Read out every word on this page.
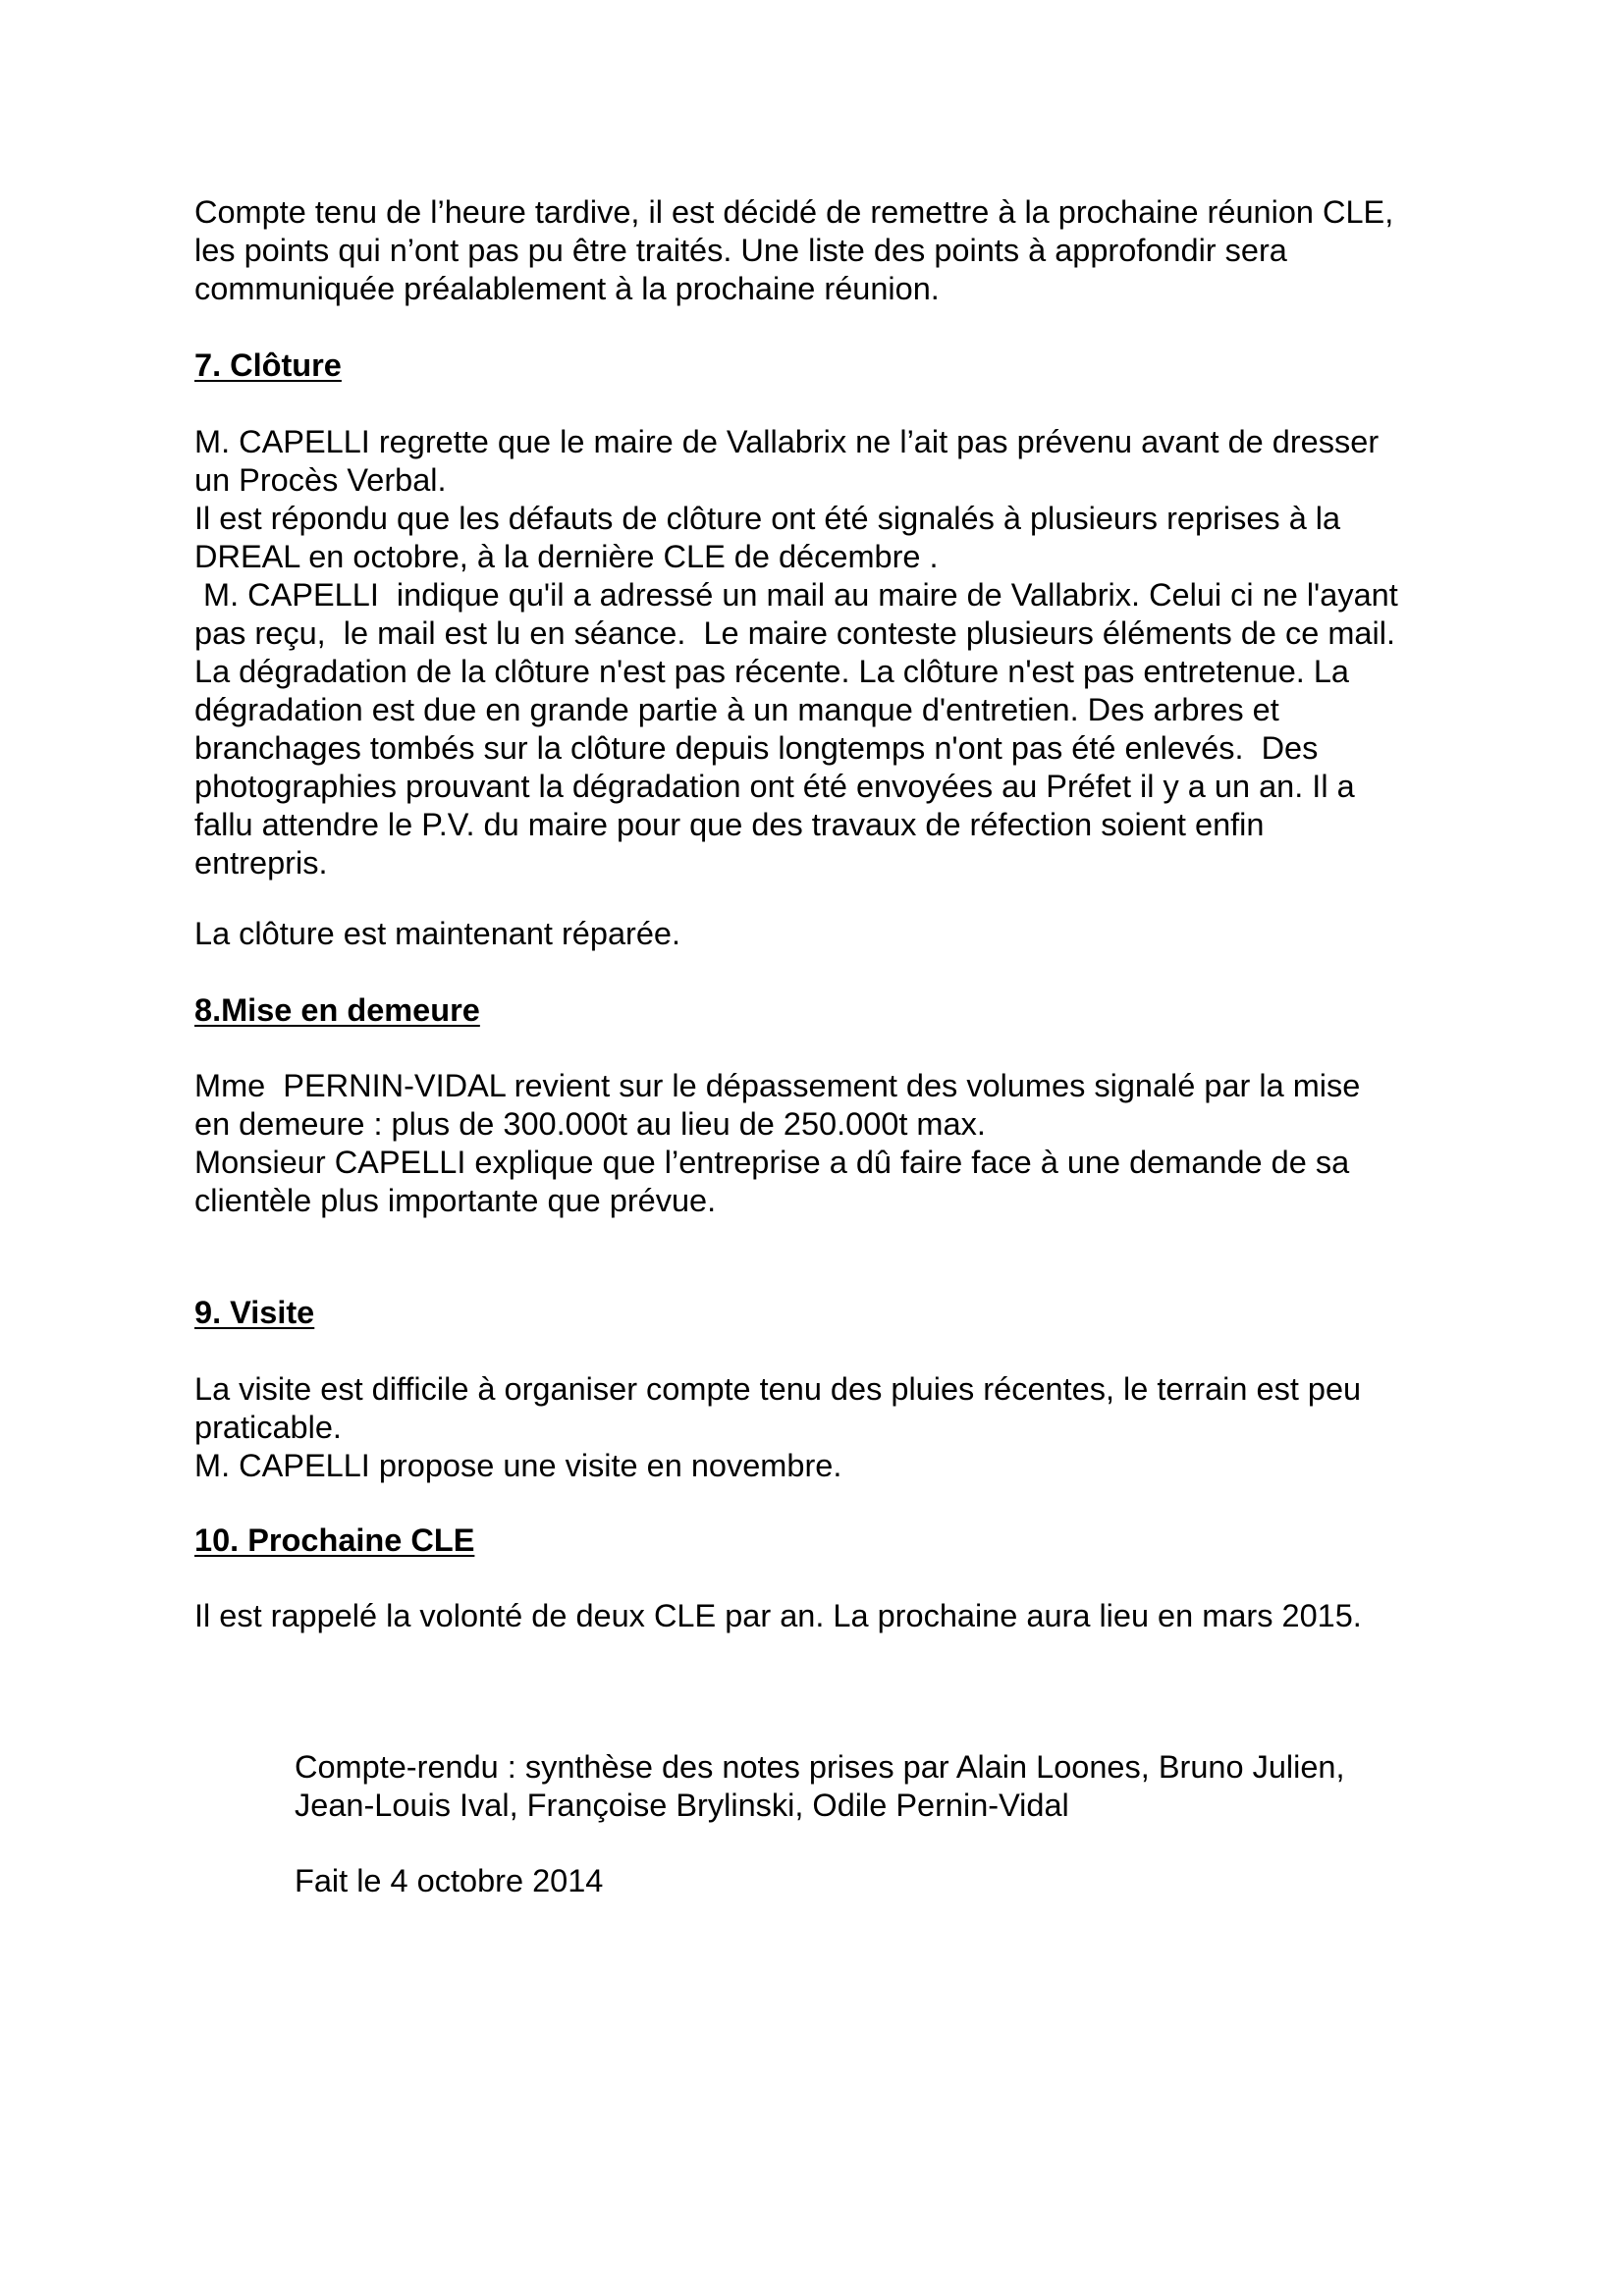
Compte tenu de l’heure tardive, il est décidé de remettre à la prochaine réunion CLE,
les points qui n’ont pas pu être traités. Une liste des points à approfondir sera
communiquée préalablement à la prochaine réunion.
7. Clôture
M. CAPELLI regrette que le maire de Vallabrix ne l’ait pas prévenu avant de dresser
un Procès Verbal.
Il est répondu que les défauts de clôture ont été signalés à plusieurs reprises à la
DREAL en octobre, à la dernière CLE de décembre .
M. CAPELLI  indique qu'il a adressé un mail au maire de Vallabrix. Celui ci ne l'ayant
pas reçu,  le mail est lu en séance.  Le maire conteste plusieurs éléments de ce mail.
La dégradation de la clôture n'est pas récente. La clôture n'est pas entretenue. La
dégradation est due en grande partie à un manque d'entretien. Des arbres et
branchages tombés sur la clôture depuis longtemps n'ont pas été enlevés.  Des
photographies prouvant la dégradation ont été envoyées au Préfet il y a un an. Il a
fallu attendre le P.V. du maire pour que des travaux de réfection soient enfin
entrepris.
La clôture est maintenant réparée.
8.Mise en demeure
Mme  PERNIN-VIDAL revient sur le dépassement des volumes signalé par la mise
en demeure : plus de 300.000t au lieu de 250.000t max.
Monsieur CAPELLI explique que l’entreprise a dû faire face à une demande de sa
clientèle plus importante que prévue.
9. Visite
La visite est difficile à organiser compte tenu des pluies récentes, le terrain est peu
praticable.
M. CAPELLI propose une visite en novembre.
10. Prochaine CLE
Il est rappelé la volonté de deux CLE par an. La prochaine aura lieu en mars 2015.
Compte-rendu : synthèse des notes prises par Alain Loones, Bruno Julien,
Jean-Louis Ival, Françoise Brylinski, Odile Pernin-Vidal
Fait le 4 octobre 2014
